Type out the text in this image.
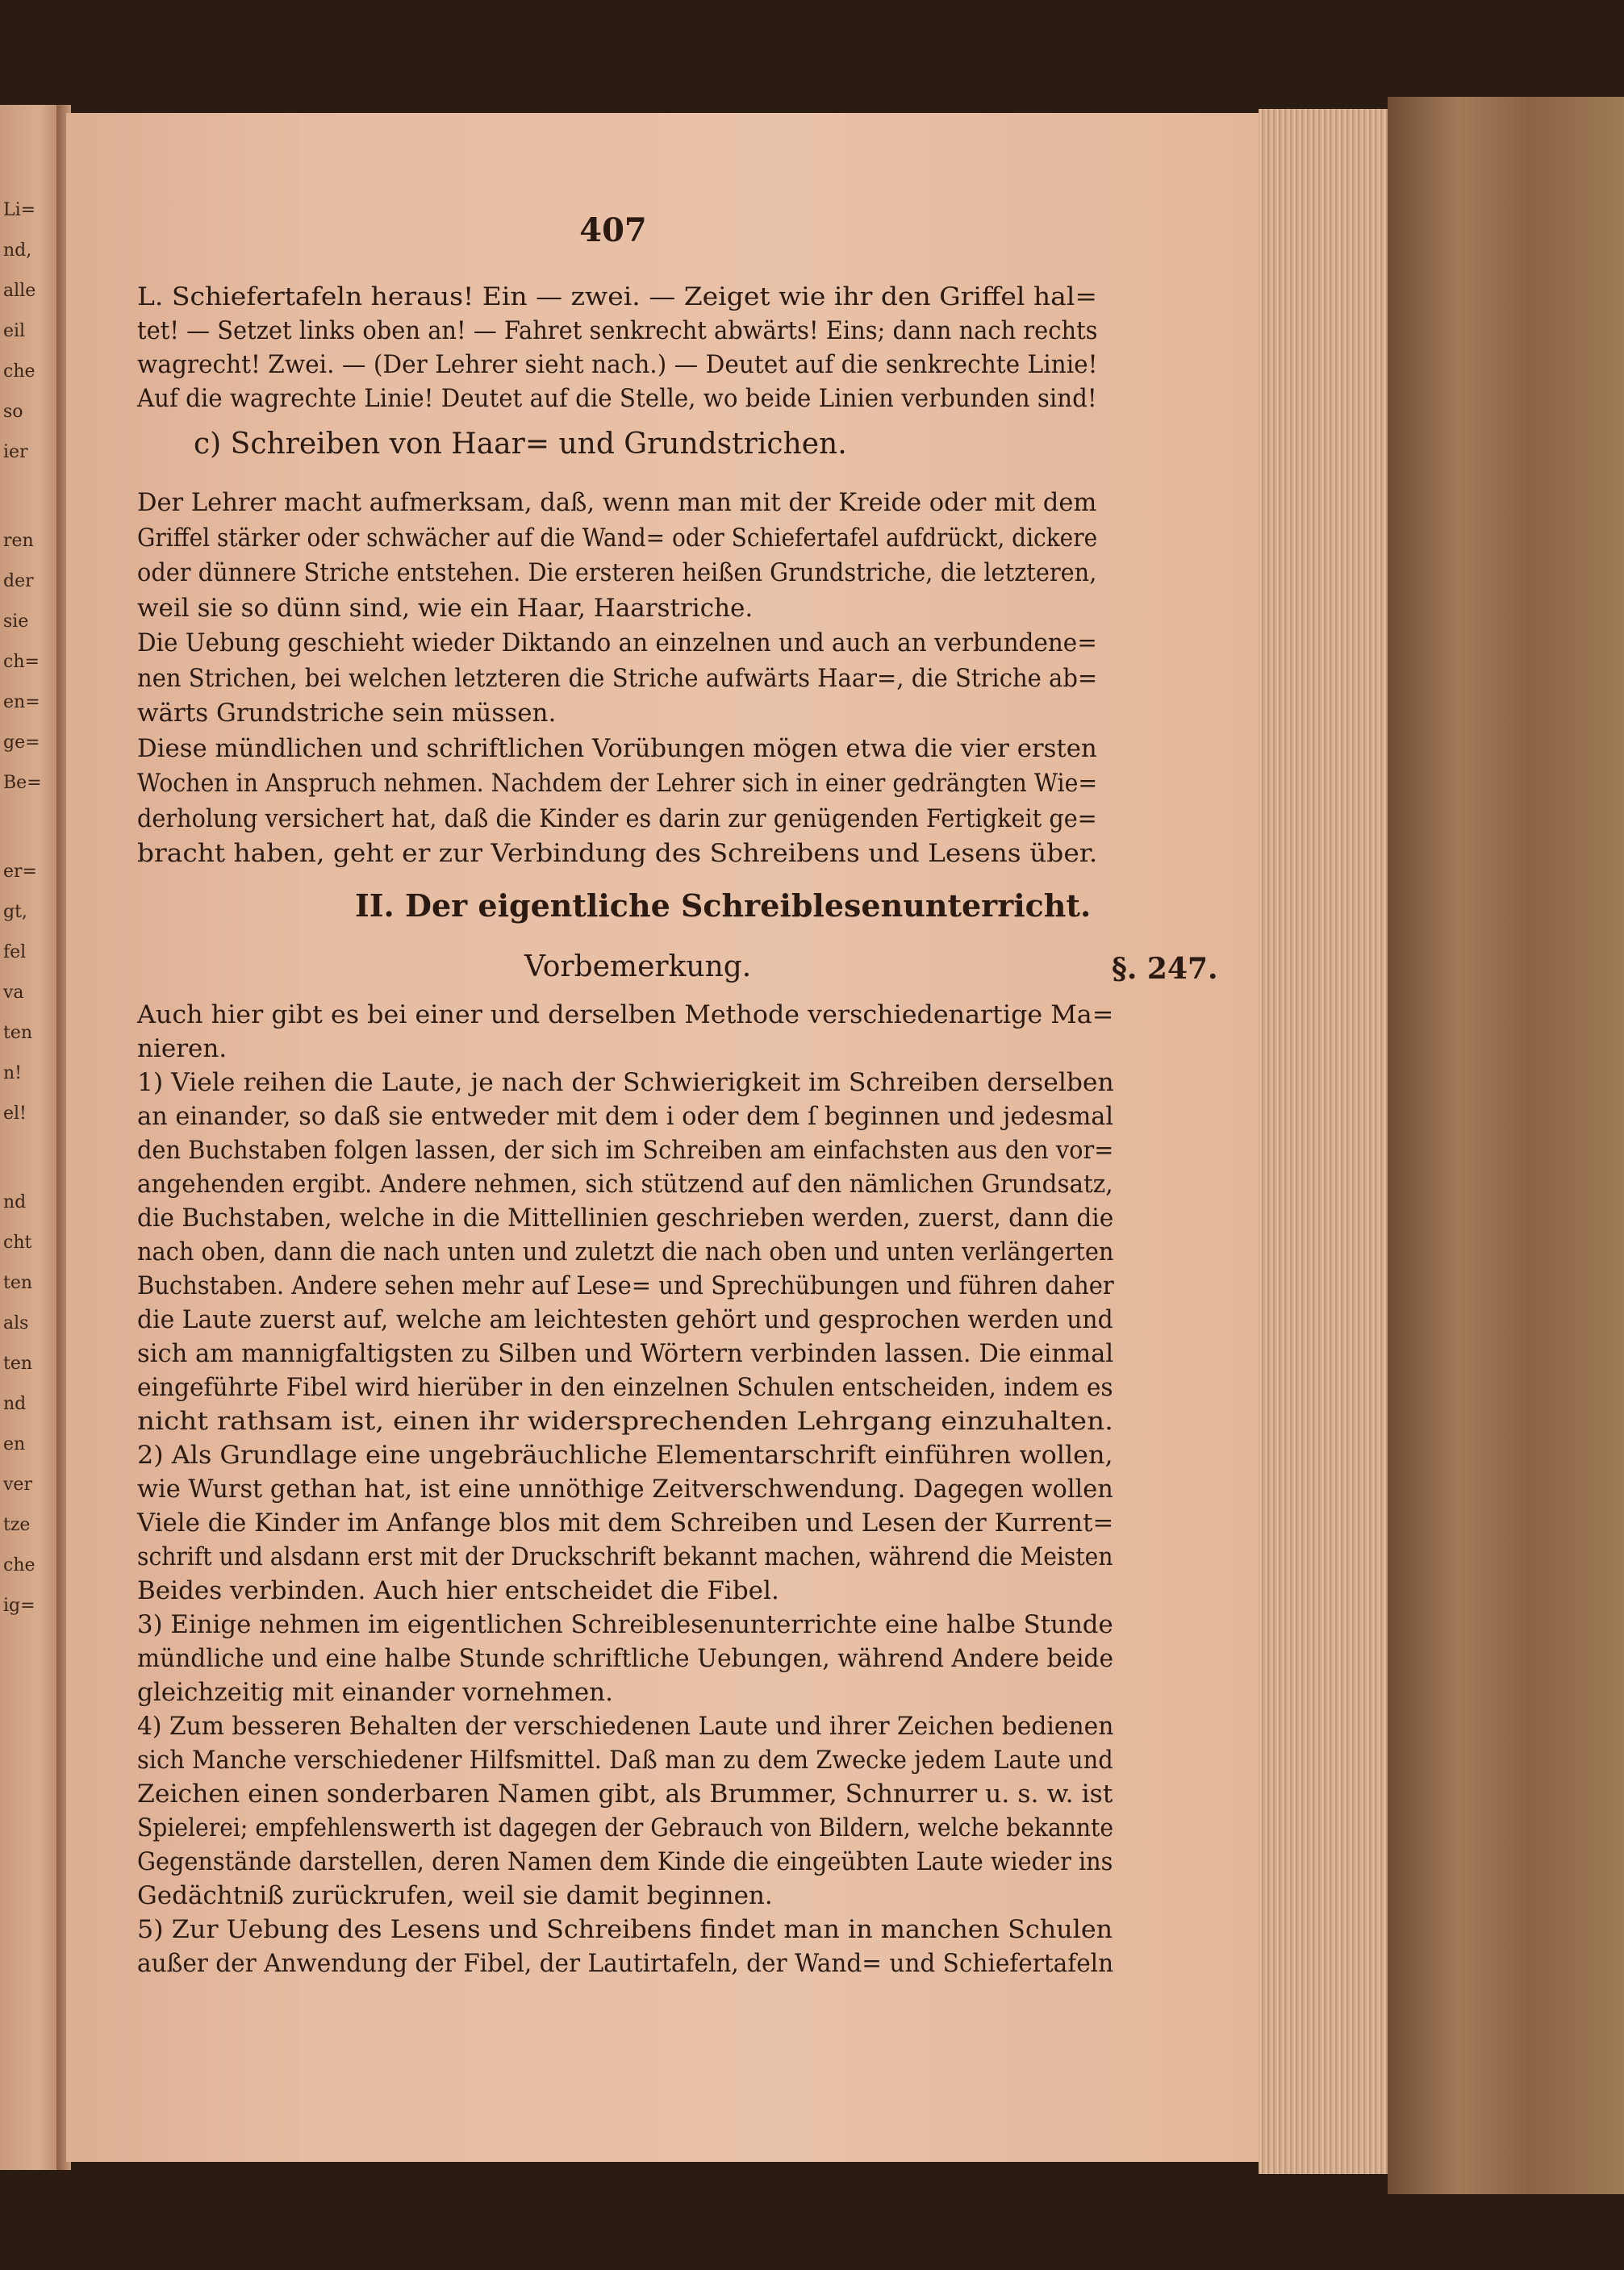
Li=
nd,
alle
eil
che
so
ier
ren
der
sie
ch=
en=
ge=
Be=
er=
gt,
fel
va
ten
n!
el!
nd
cht
ten
als
ten
nd
en
ver
tze
che
ig=
407
L. Schiefertafeln heraus! Ein — zwei. — Zeiget wie ihr den Griffel hal=
tet! — Setzet links oben an! — Fahret senkrecht abwärts! Eins; dann nach rechts
wagrecht! Zwei. — (Der Lehrer sieht nach.) — Deutet auf die senkrechte Linie!
Auf die wagrechte Linie! Deutet auf die Stelle, wo beide Linien verbunden sind!
c) Schreiben von Haar= und Grundstrichen.
Der Lehrer macht aufmerksam, daß, wenn man mit der Kreide oder mit dem
Griffel stärker oder schwächer auf die Wand= oder Schiefertafel aufdrückt, dickere
oder dünnere Striche entstehen. Die ersteren heißen Grundstriche, die letzteren,
weil sie so dünn sind, wie ein Haar, Haarstriche.
Die Uebung geschieht wieder Diktando an einzelnen und auch an verbundene=
nen Strichen, bei welchen letzteren die Striche aufwärts Haar=, die Striche ab=
wärts Grundstriche sein müssen.
Diese mündlichen und schriftlichen Vorübungen mögen etwa die vier ersten
Wochen in Anspruch nehmen. Nachdem der Lehrer sich in einer gedrängten Wie=
derholung versichert hat, daß die Kinder es darin zur genügenden Fertigkeit ge=
bracht haben, geht er zur Verbindung des Schreibens und Lesens über.
II. Der eigentliche Schreiblesenunterricht.
Vorbemerkung.	§. 247.
Auch hier gibt es bei einer und derselben Methode verschiedenartige Ma=
nieren.
1) Viele reihen die Laute, je nach der Schwierigkeit im Schreiben derselben
an einander, so daß sie entweder mit dem i oder dem ſ beginnen und jedesmal
den Buchstaben folgen lassen, der sich im Schreiben am einfachsten aus den vor=
angehenden ergibt. Andere nehmen, sich stützend auf den nämlichen Grundsatz,
die Buchstaben, welche in die Mittellinien geschrieben werden, zuerst, dann die
nach oben, dann die nach unten und zuletzt die nach oben und unten verlängerten
Buchstaben. Andere sehen mehr auf Lese= und Sprechübungen und führen daher
die Laute zuerst auf, welche am leichtesten gehört und gesprochen werden und
sich am mannigfaltigsten zu Silben und Wörtern verbinden lassen. Die einmal
eingeführte Fibel wird hierüber in den einzelnen Schulen entscheiden, indem es
nicht rathsam ist, einen ihr widersprechenden Lehrgang einzuhalten.
2) Als Grundlage eine ungebräuchliche Elementarschrift einführen wollen,
wie Wurst gethan hat, ist eine unnöthige Zeitverschwendung. Dagegen wollen
Viele die Kinder im Anfange blos mit dem Schreiben und Lesen der Kurrent=
schrift und alsdann erst mit der Druckschrift bekannt machen, während die Meisten
Beides verbinden. Auch hier entscheidet die Fibel.
3) Einige nehmen im eigentlichen Schreiblesenunterrichte eine halbe Stunde
mündliche und eine halbe Stunde schriftliche Uebungen, während Andere beide
gleichzeitig mit einander vornehmen.
4) Zum besseren Behalten der verschiedenen Laute und ihrer Zeichen bedienen
sich Manche verschiedener Hilfsmittel. Daß man zu dem Zwecke jedem Laute und
Zeichen einen sonderbaren Namen gibt, als Brummer, Schnurrer u. s. w. ist
Spielerei; empfehlenswerth ist dagegen der Gebrauch von Bildern, welche bekannte
Gegenstände darstellen, deren Namen dem Kinde die eingeübten Laute wieder ins
Gedächtniß zurückrufen, weil sie damit beginnen.
5) Zur Uebung des Lesens und Schreibens findet man in manchen Schulen
außer der Anwendung der Fibel, der Lautirtafeln, der Wand= und Schiefertafeln
